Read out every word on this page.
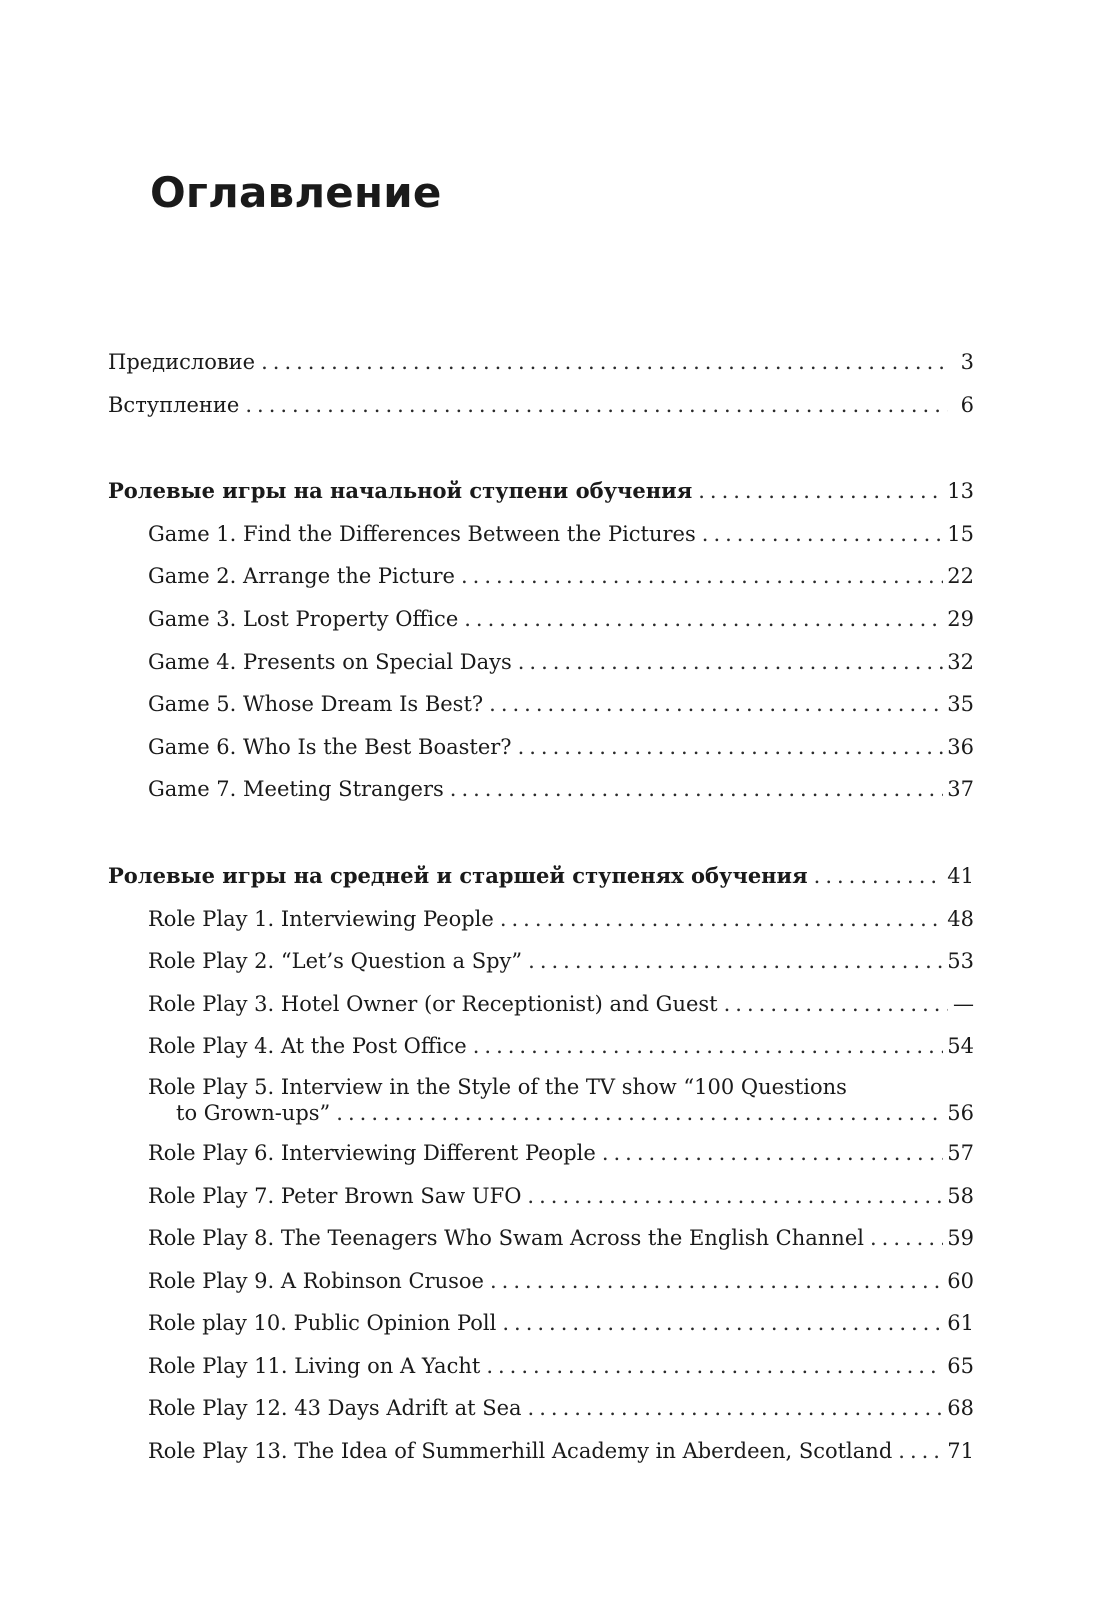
Оглавление
Предисловие .....	3
Вступление .....	6
Ролевые игры на начальной ступени обучения .....	13
Game 1. Find the Differences Between the Pictures .....	15
Game 2. Arrange the Picture .....	22
Game 3. Lost Property Office .....	29
Game 4. Presents on Special Days .....	32
Game 5. Whose Dream Is Best? .....	35
Game 6. Who Is the Best Boaster? .....	36
Game 7. Meeting Strangers .....	37
Ролевые игры на средней и старшей ступенях обучения .....	41
Role Play 1. Interviewing People .....	48
Role Play 2. “Let’s Question a Spy” .....	53
Role Play 3. Hotel Owner (or Receptionist) and Guest .....	—
Role Play 4. At the Post Office .....	54
Role Play 5. Interview in the Style of the TV show “100 Questions
to Grown-ups” .....	56
Role Play 6. Interviewing Different People .....	57
Role Play 7. Peter Brown Saw UFO .....	58
Role Play 8. The Teenagers Who Swam Across the English Channel .....	59
Role Play 9. A Robinson Crusoe .....	60
Role play 10. Public Opinion Poll .....	61
Role Play 11. Living on A Yacht .....	65
Role Play 12. 43 Days Adrift at Sea .....	68
Role Play 13. The Idea of Summerhill Academy in Aberdeen, Scotland .....	71
